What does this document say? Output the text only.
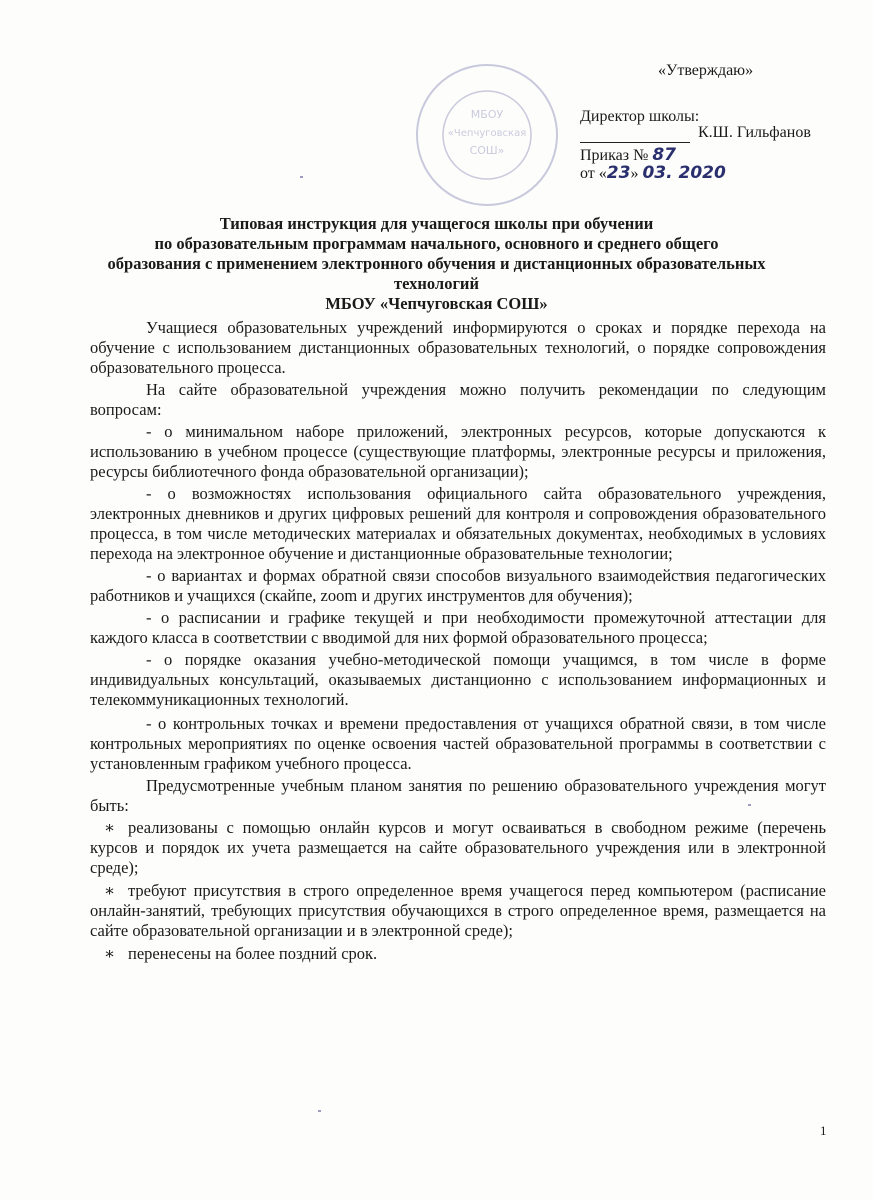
МБОУ
«Чепчуговская
СОШ»
«Утверждаю»
Директор школы:
К.Ш. Гильфанов
Приказ № 87
от «23» 03. 2020
Типовая инструкция для учащегося школы при обучении
по образовательным программам начального, основного и среднего общего
образования с применением электронного обучения и дистанционных образовательных
технологий
МБОУ «Чепчуговская СОШ»

Учащиеся образовательных учреждений информируются о сроках и порядке перехода на обучение с использованием дистанционных образовательных технологий, о порядке сопровождения образовательного процесса.

На сайте образовательной учреждения можно получить рекомендации по следующим вопросам:

- о минимальном наборе приложений, электронных ресурсов, которые допускаются к использованию в учебном процессе (существующие платформы, электронные ресурсы и приложения, ресурсы библиотечного фонда образовательной организации);

- о возможностях использования официального сайта образовательного учреждения, электронных дневников и других цифровых решений для контроля и сопровождения образовательного процесса, в том числе методических материалах и обязательных документах, необходимых в условиях перехода на электронное обучение и дистанционные образовательные технологии;

- о вариантах и формах обратной связи способов визуального взаимодействия педагогических работников и учащихся (скайпе, zoom и других инструментов для обучения);

- о расписании и графике текущей и при необходимости промежуточной аттестации для каждого класса в соответствии с вводимой для них формой образовательного процесса;

- о порядке оказания учебно-методической помощи учащимся, в том числе в форме индивидуальных консультаций, оказываемых дистанционно с использованием информационных и телекоммуникационных технологий.

- о контрольных точках и времени предоставления от учащихся обратной связи, в том числе контрольных мероприятиях по оценке освоения частей образовательной программы в соответствии с установленным графиком учебного процесса.

Предусмотренные учебным планом занятия по решению образовательного учреждения могут быть:

∗ реализованы с помощью онлайн курсов и могут осваиваться в свободном режиме (перечень курсов и порядок их учета размещается на сайте образовательного учреждения или в электронной среде);

∗ требуют присутствия в строго определенное время учащегося перед компьютером (расписание онлайн-занятий, требующих присутствия обучающихся в строго определенное время, размещается на сайте образовательной организации и в электронной среде);

∗ перенесены на более поздний срок.

1
